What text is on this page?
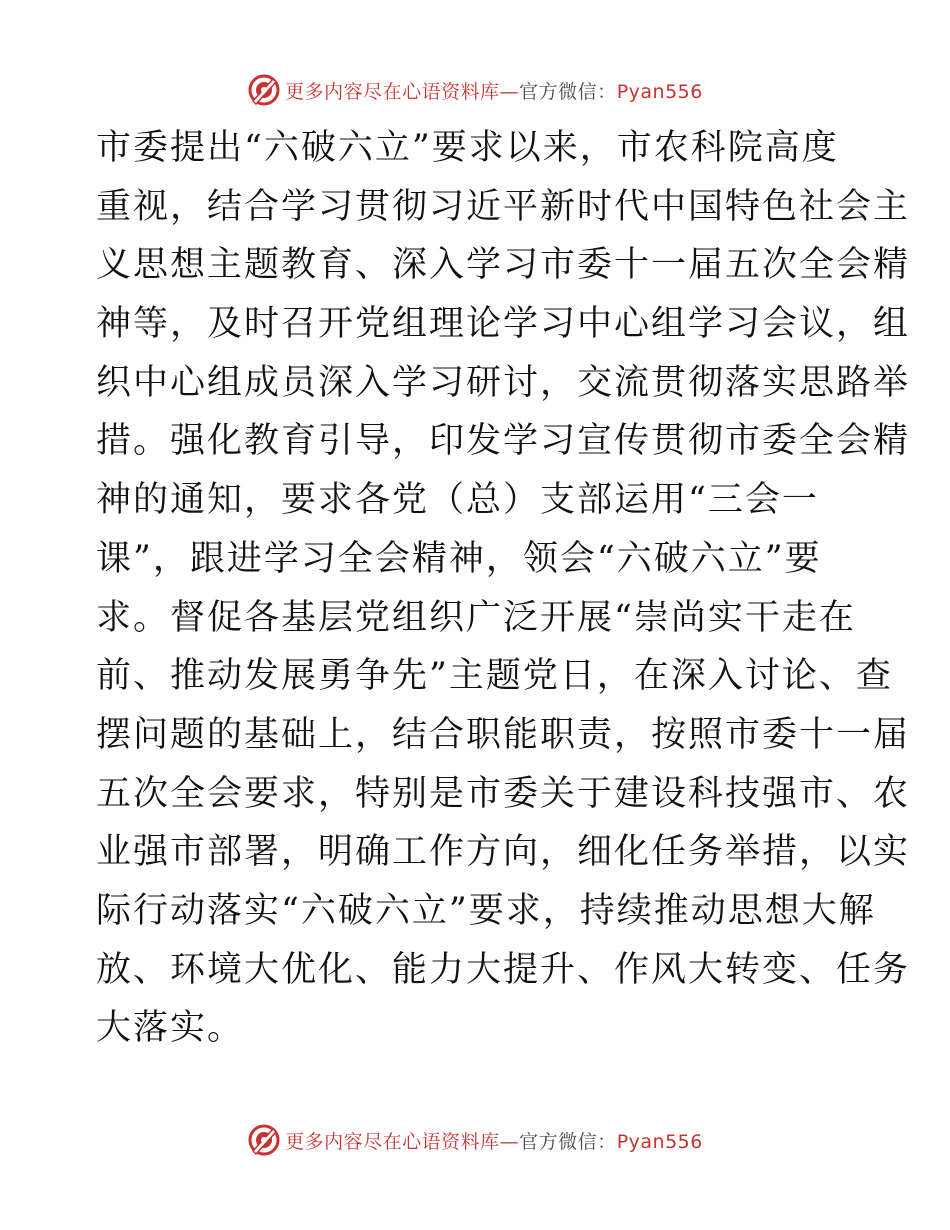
更多内容尽在心语资料库—官方微信：Pyan556
市委提出“六破六立”要求以来，市农科院高度
重视，结合学习贯彻习近平新时代中国特色社会主
义思想主题教育、深入学习市委十一届五次全会精
神等，及时召开党组理论学习中心组学习会议，组
织中心组成员深入学习研讨，交流贯彻落实思路举
措。强化教育引导，印发学习宣传贯彻市委全会精
神的通知，要求各党（总）支部运用“三会一
课”，跟进学习全会精神，领会“六破六立”要
求。督促各基层党组织广泛开展“崇尚实干走在
前、推动发展勇争先”主题党日，在深入讨论、查
摆问题的基础上，结合职能职责，按照市委十一届
五次全会要求，特别是市委关于建设科技强市、农
业强市部署，明确工作方向，细化任务举措，以实
际行动落实“六破六立”要求，持续推动思想大解
放、环境大优化、能力大提升、作风大转变、任务
大落实。
更多内容尽在心语资料库—官方微信：Pyan556
